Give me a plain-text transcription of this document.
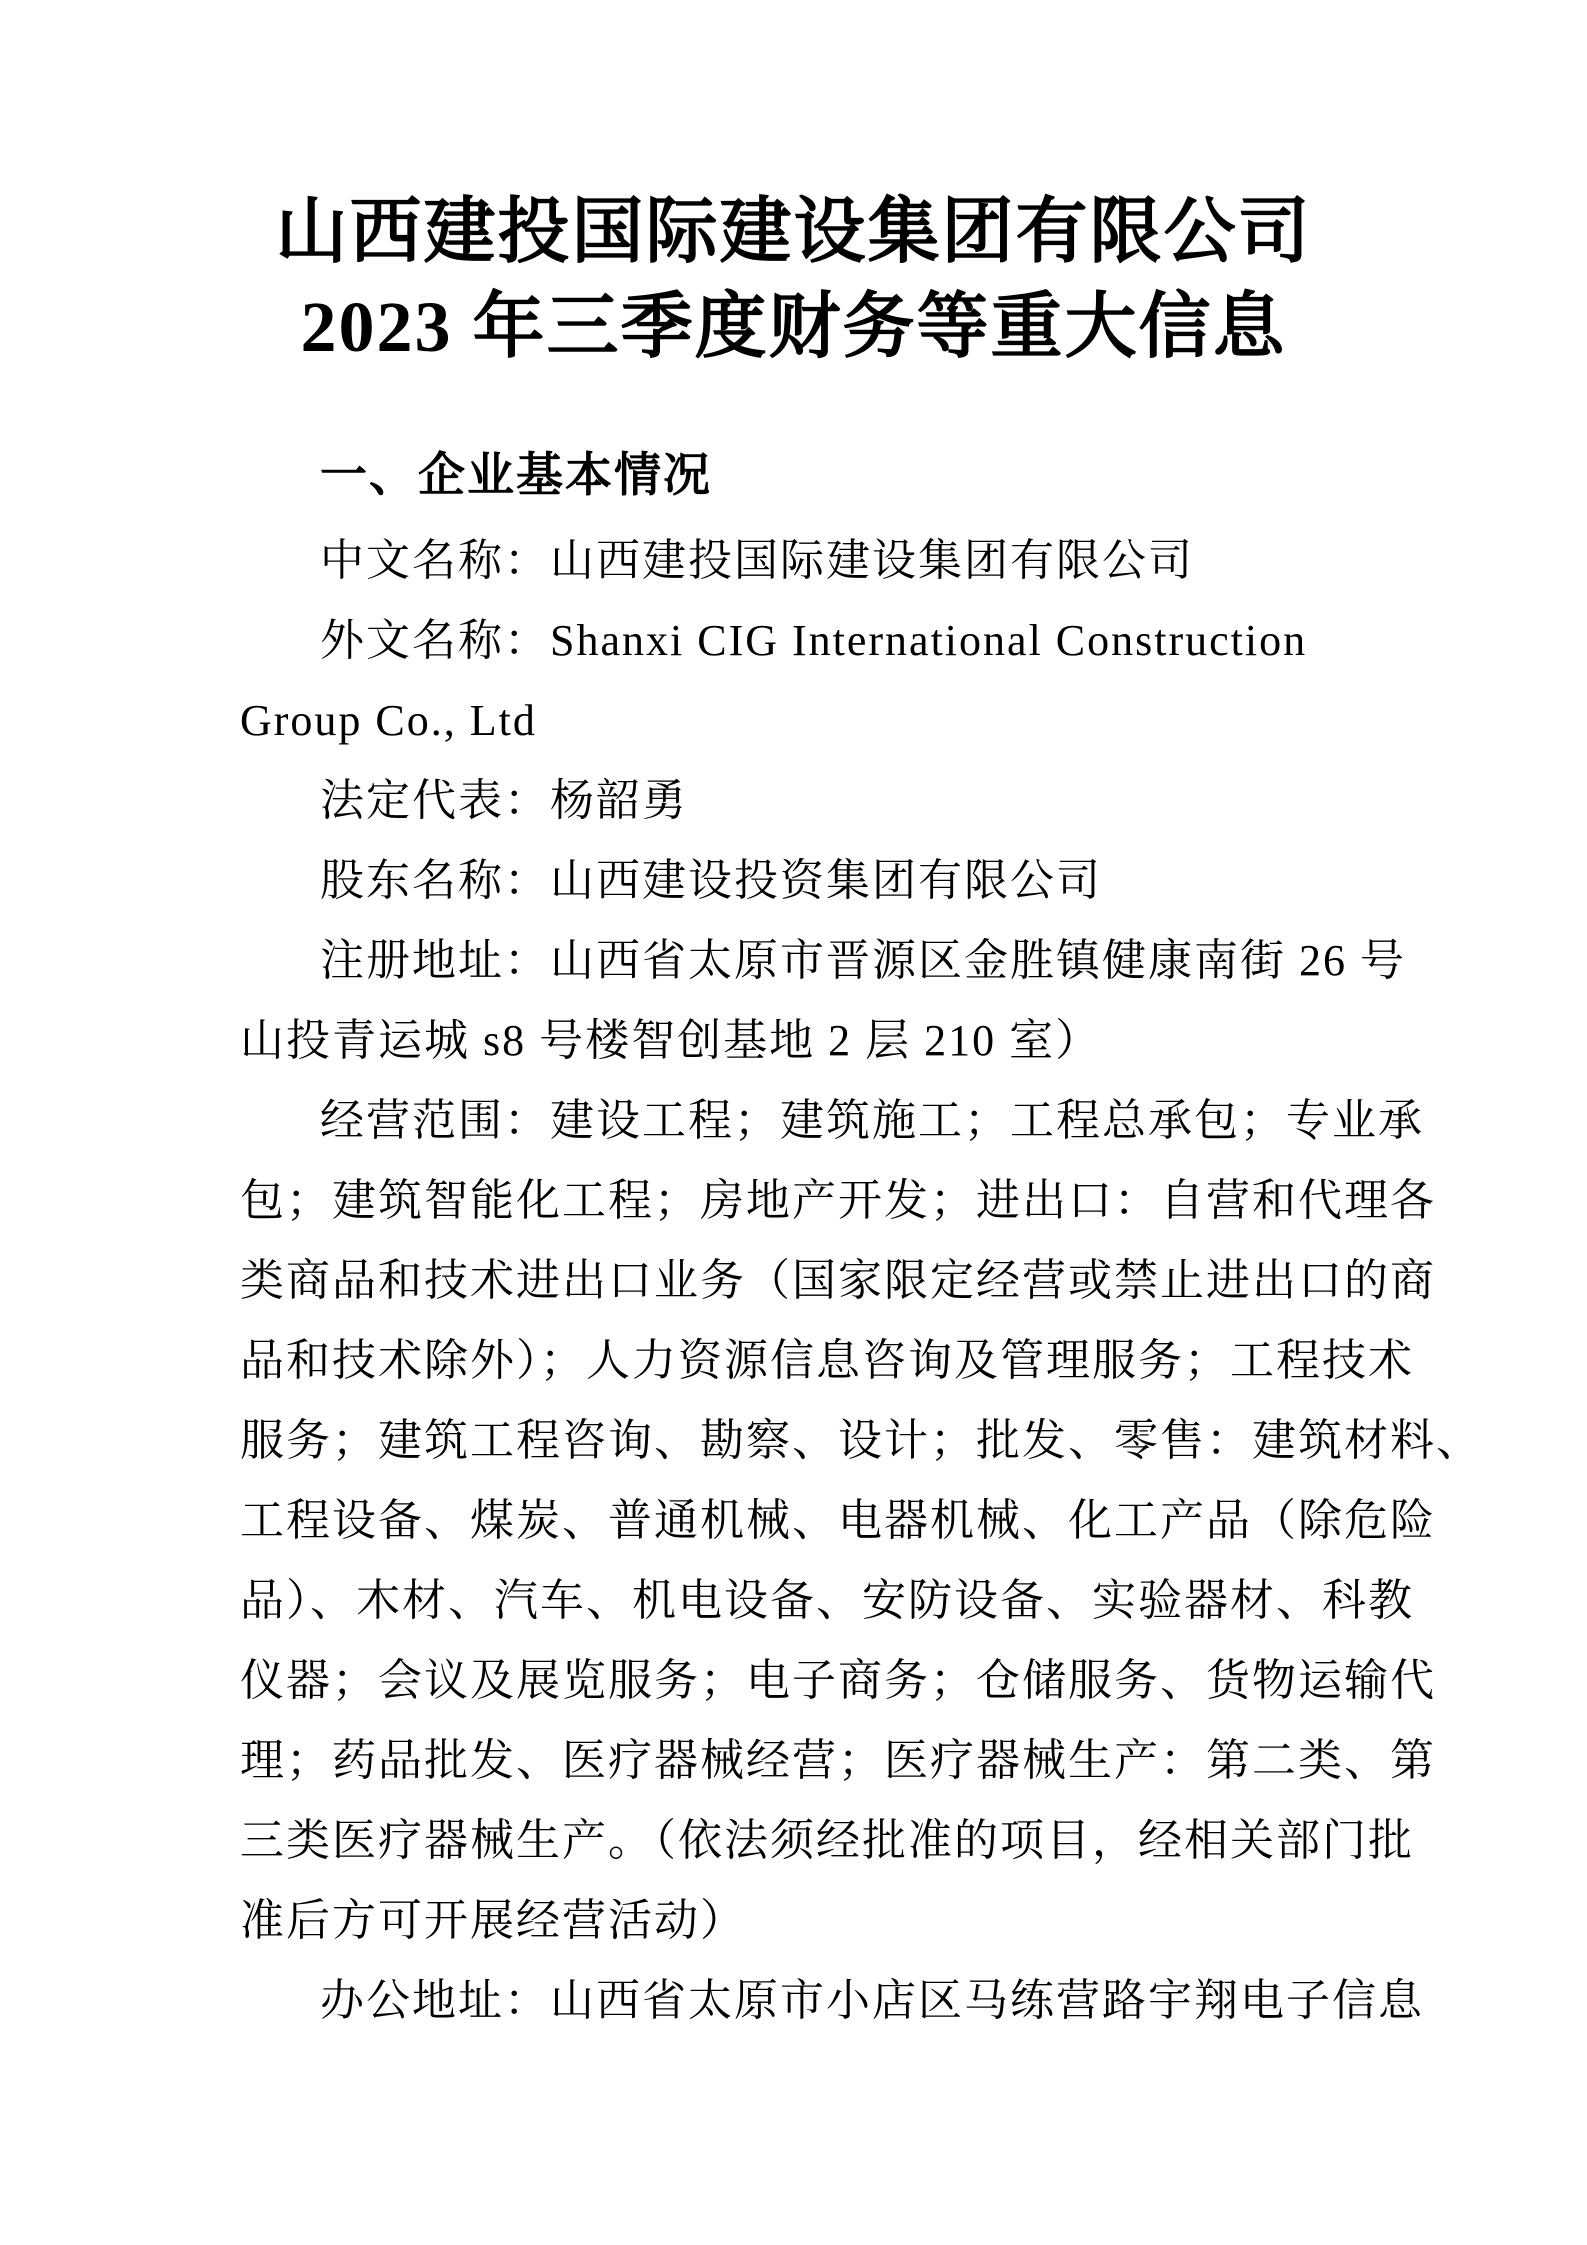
山西建投国际建设集团有限公司
2023 年三季度财务等重大信息
一、企业基本情况
中文名称：山西建投国际建设集团有限公司
外文名称：Shanxi CIG International Construction
Group Co., Ltd
法定代表：杨韶勇
股东名称：山西建设投资集团有限公司
注册地址：山西省太原市晋源区金胜镇健康南街 26 号
山投青运城 s8 号楼智创基地 2 层 210 室）
经营范围：建设工程；建筑施工；工程总承包；专业承
包；建筑智能化工程；房地产开发；进出口：自营和代理各
类商品和技术进出口业务（国家限定经营或禁止进出口的商
品和技术除外）；人力资源信息咨询及管理服务；工程技术
服务；建筑工程咨询、勘察、设计；批发、零售：建筑材料、
工程设备、煤炭、普通机械、电器机械、化工产品（除危险
品）、木材、汽车、机电设备、安防设备、实验器材、科教
仪器；会议及展览服务；电子商务；仓储服务、货物运输代
理；药品批发、医疗器械经营；医疗器械生产：第二类、第
三类医疗器械生产。（依法须经批准的项目，经相关部门批
准后方可开展经营活动）
办公地址：山西省太原市小店区马练营路宇翔电子信息
